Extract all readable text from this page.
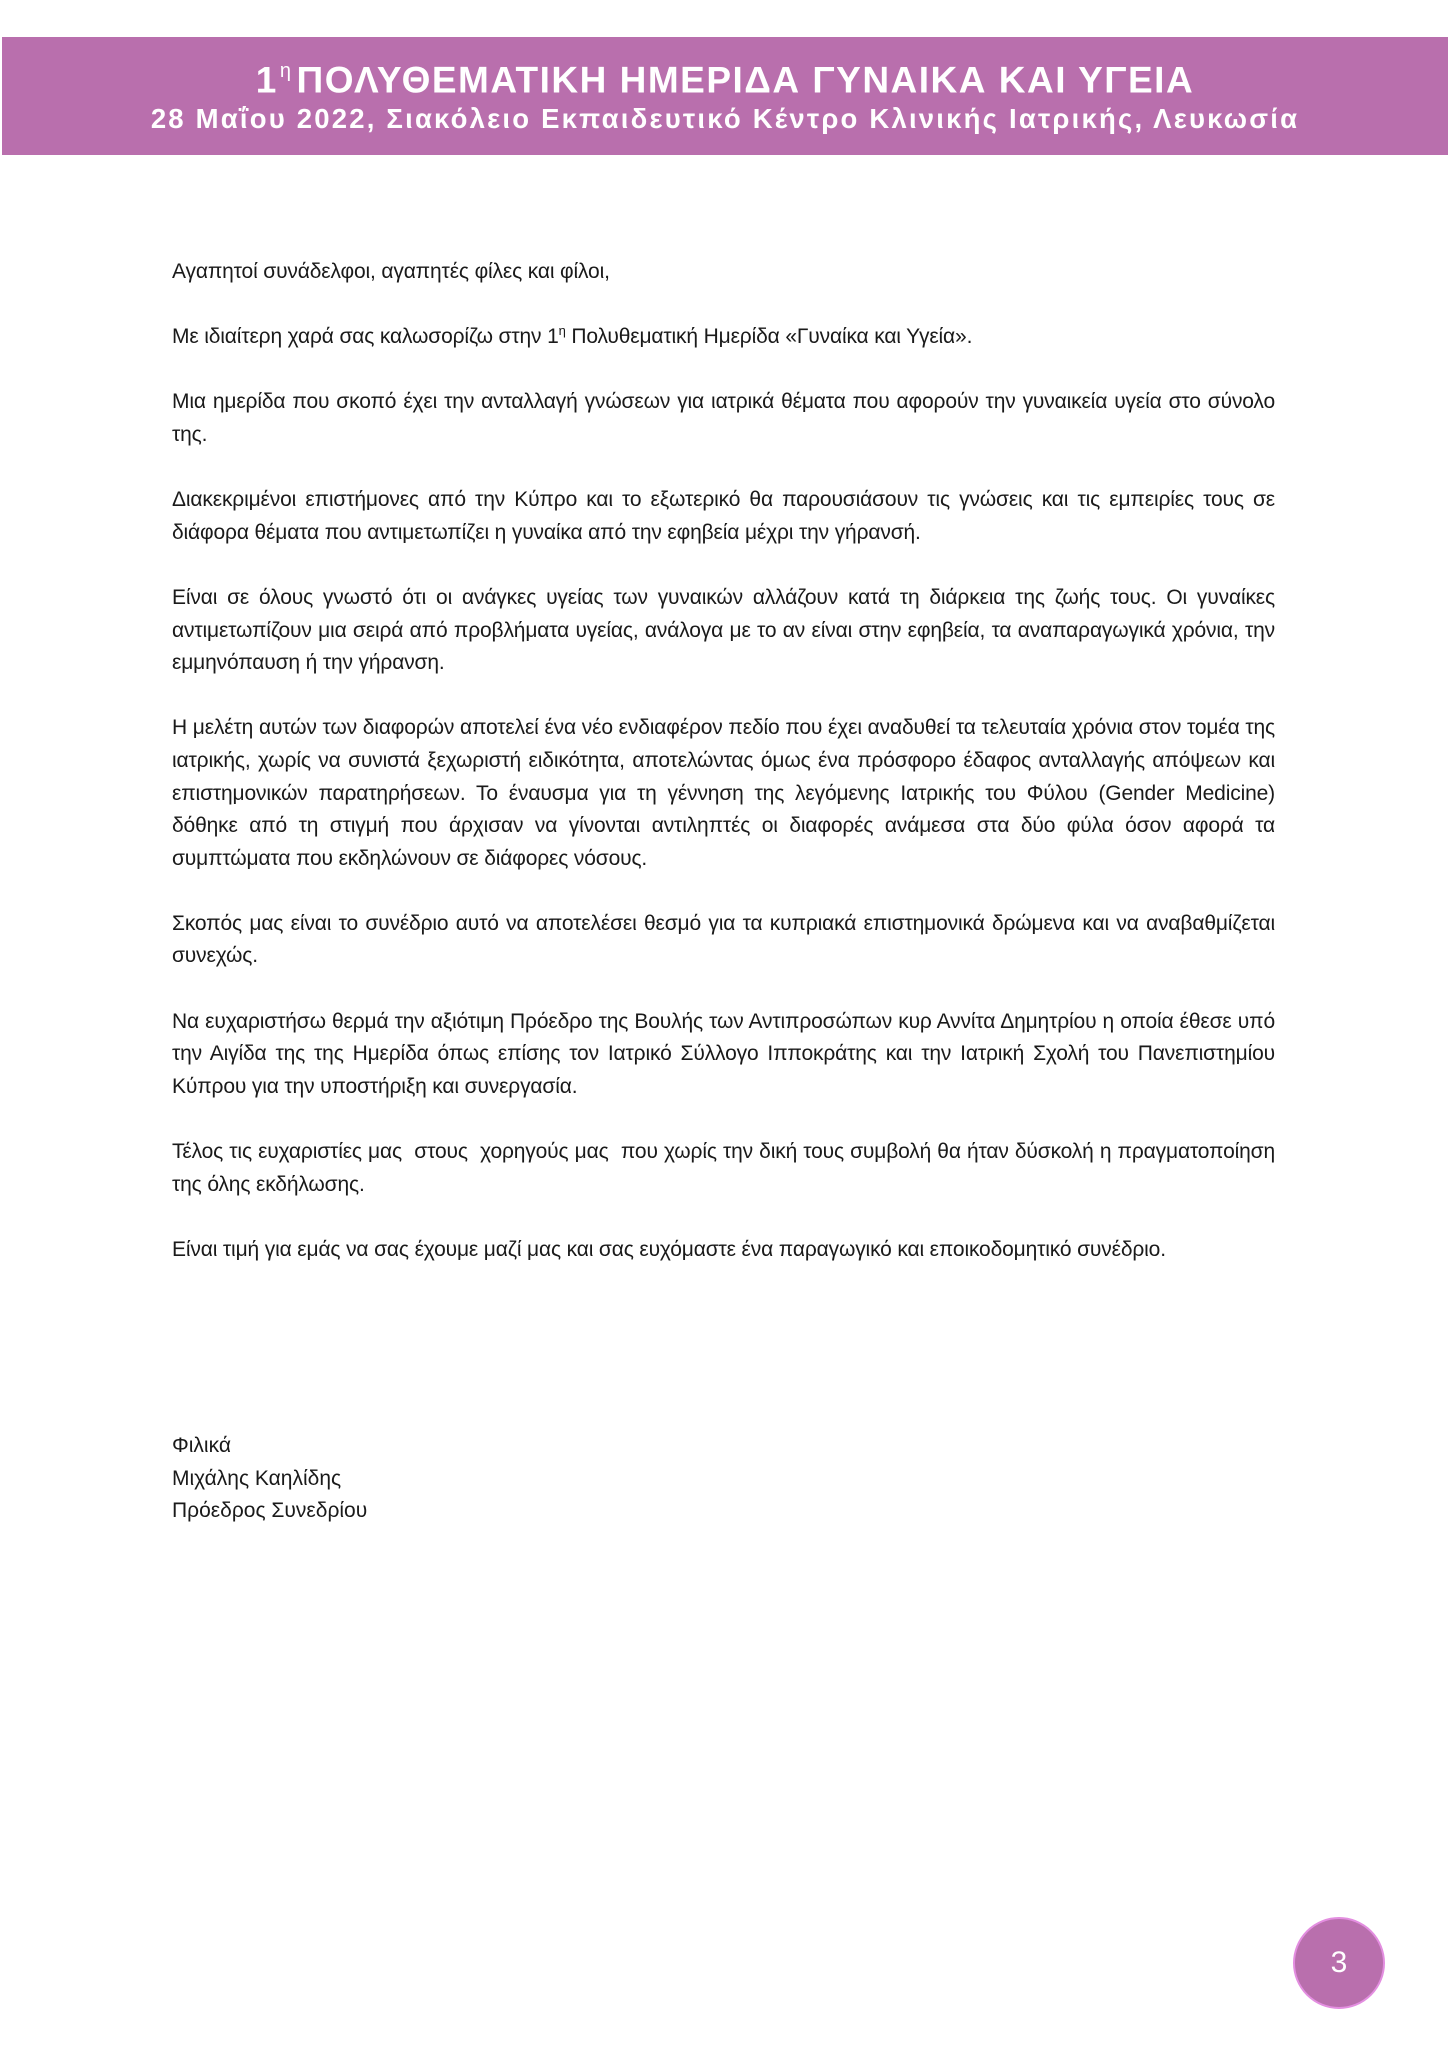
1 $^\eta$ ΠΟΛΥΘΕΜΑΤΙΚΗ ΗΜΕΡΙΔΑ ΓΥΝΑΙΚΑ ΚΑΙ ΥΓΕΙΑ
28 Μαΐου 2022, Σιακόλειο Εκπαιδευτικό Κέντρο Κλινικής Ιατρικής, Λευκωσία

Αγαπητοί συνάδελφοι, αγαπητές φίλες και φίλοι,

Με ιδιαίτερη χαρά σας καλωσορίζω στην $1^\eta$ Πολυθεματική Ημερίδα «Γυναίκα και Υγεία».

Μια ημερίδα που σκοπό έχει την ανταλλαγή γνώσεων για ιατρικά θέματα που αφορούν την γυναικεία υγεία στο σύνολο της.

Διακεκριμένοι επιστήμονες από την Κύπρο και το εξωτερικό θα παρουσιάσουν τις γνώσεις και τις εμπειρίες τους σε διάφορα θέματα που αντιμετωπίζει η γυναίκα από την εφηβεία μέχρι την γήρανσή.

Είναι σε όλους γνωστό ότι οι ανάγκες υγείας των γυναικών αλλάζουν κατά τη διάρκεια της ζωής τους. Οι γυναίκες αντιμετωπίζουν μια σειρά από προβλήματα υγείας, ανάλογα με το αν είναι στην εφηβεία, τα αναπαραγωγικά χρόνια, την εμμηνόπαυση ή την γήρανση.

Η μελέτη αυτών των διαφορών αποτελεί ένα νέο ενδιαφέρον πεδίο που έχει αναδυθεί τα τελευταία χρόνια στον τομέα της ιατρικής, χωρίς να συνιστά ξεχωριστή ειδικότητα, αποτελώντας όμως ένα πρόσφορο έδαφος ανταλλαγής απόψεων και επιστημονικών παρατηρήσεων. Το έναυσμα για τη γέννηση της λεγόμενης Ιατρικής του Φύλου (Gender Medicine) δόθηκε από τη στιγμή που άρχισαν να γίνονται αντιληπτές οι διαφορές ανάμεσα στα δύο φύλα όσον αφορά τα συμπτώματα που εκδηλώνουν σε διάφορες νόσους.

Σκοπός μας είναι το συνέδριο αυτό να αποτελέσει θεσμό για τα κυπριακά επιστημονικά δρώμενα και να αναβαθμίζεται συνεχώς.

Να ευχαριστήσω θερμά την αξιότιμη Πρόεδρο της Βουλής των Αντιπροσώπων κυρ Αννίτα Δημητρίου η οποία έθεσε υπό την Αιγίδα της της Ημερίδα όπως επίσης τον Ιατρικό Σύλλογο Ιπποκράτης και την Ιατρική Σχολή του Πανεπιστημίου Κύπρου για την υποστήριξη και συνεργασία.

Τέλος τις ευχαριστίες μας  στους  χορηγούς μας  που χωρίς την δική τους συμβολή θα ήταν δύσκολή η πραγματοποίηση της όλης εκδήλωσης.

Είναι τιμή για εμάς να σας έχουμε μαζί μας και σας ευχόμαστε ένα παραγωγικό και εποικοδομητικό συνέδριο.

Φιλικά
Μιχάλης Καηλίδης
Πρόεδρος Συνεδρίου
3
